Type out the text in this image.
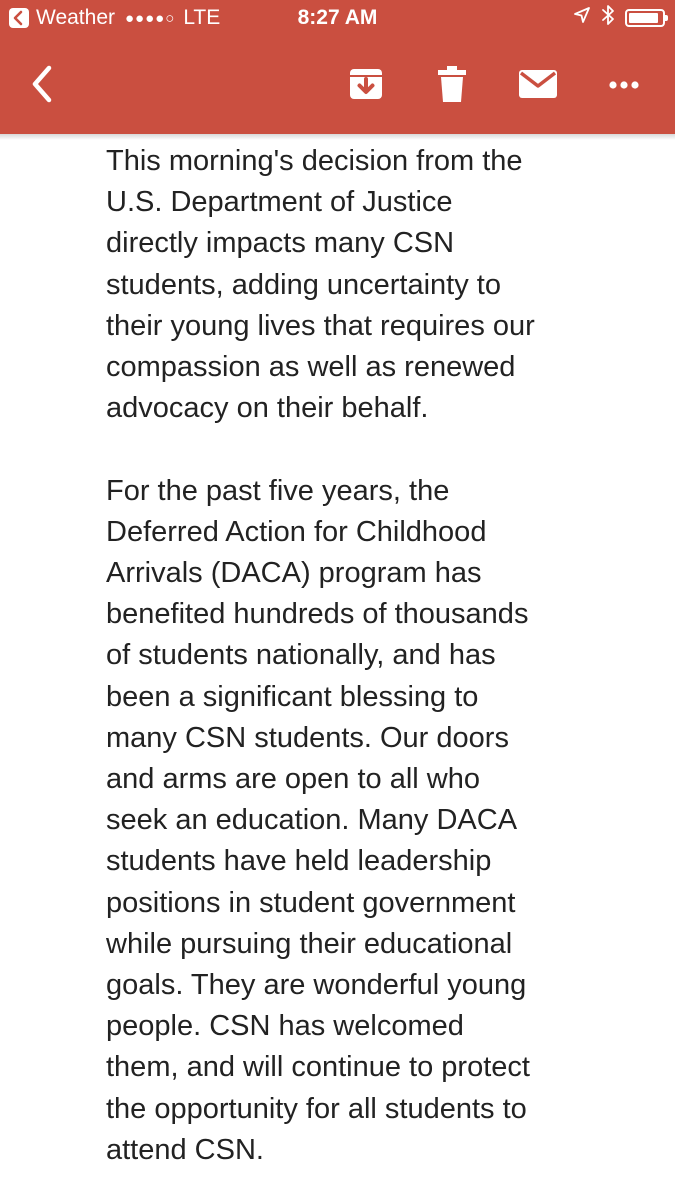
Weather ●●●●○ LTE	8:27 AM

This morning's decision from the
U.S. Department of Justice
directly impacts many CSN
students, adding uncertainty to
their young lives that requires our
compassion as well as renewed
advocacy on their behalf.

For the past five years, the
Deferred Action for Childhood
Arrivals (DACA) program has
benefited hundreds of thousands
of students nationally, and has
been a significant blessing to
many CSN students. Our doors
and arms are open to all who
seek an education. Many DACA
students have held leadership
positions in student government
while pursuing their educational
goals. They are wonderful young
people. CSN has welcomed
them, and will continue to protect
the opportunity for all students to
attend CSN.
